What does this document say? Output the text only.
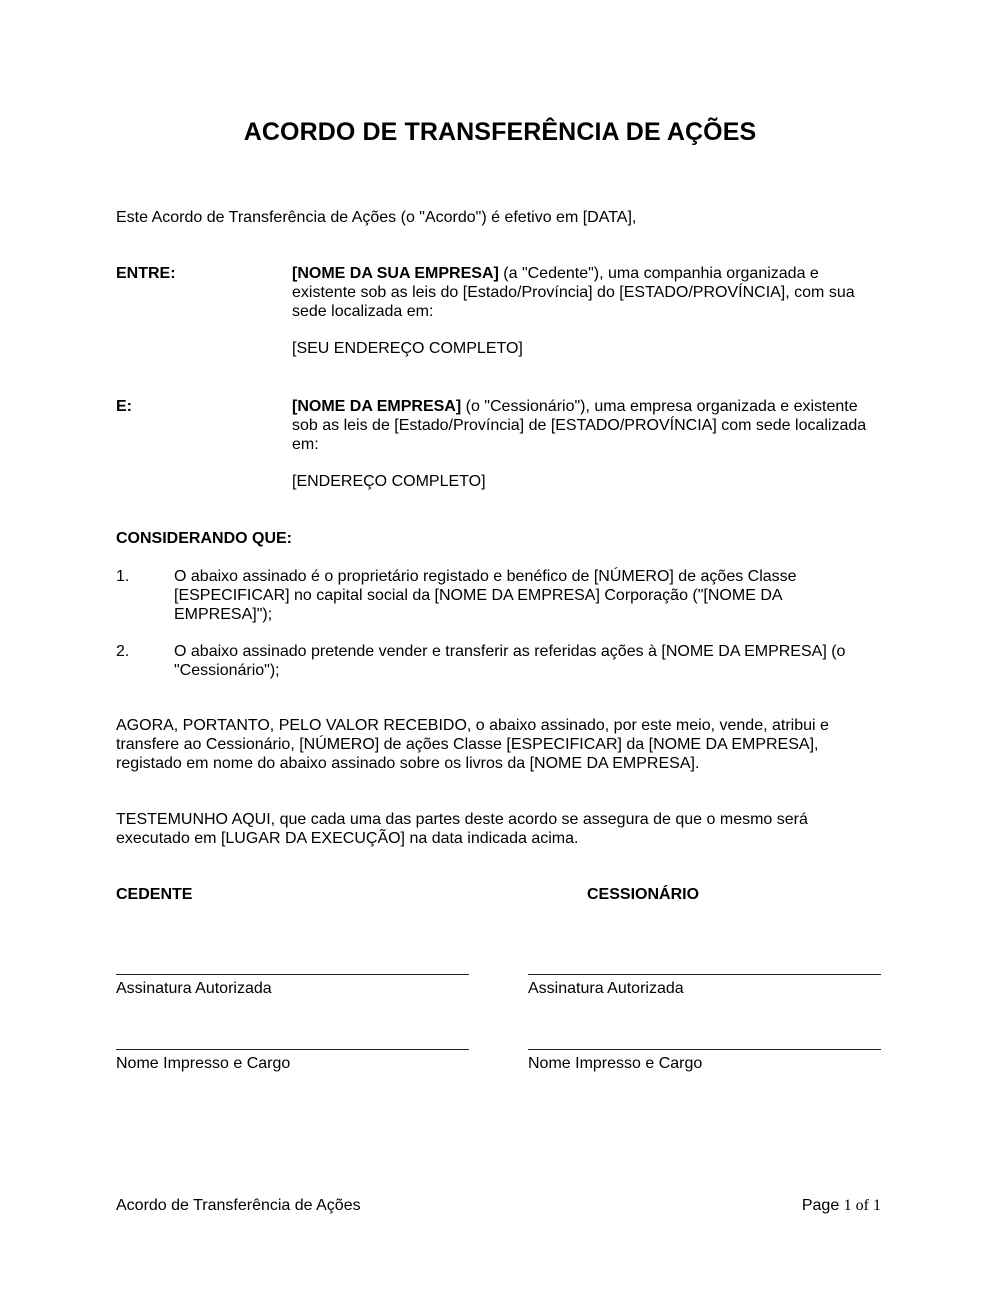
ACORDO DE TRANSFERÊNCIA DE AÇÕES
Este Acordo de Transferência de Ações (o "Acordo") é efetivo em [DATA],
ENTRE:	[NOME DA SUA EMPRESA] (a "Cedente"), uma companhia organizada e
existente sob as leis do [Estado/Província] do [ESTADO/PROVÍNCIA], com sua
sede localizada em:
[SEU ENDEREÇO COMPLETO]
E:	[NOME DA EMPRESA] (o "Cessionário"), uma empresa organizada e existente
sob as leis de [Estado/Província] de [ESTADO/PROVÍNCIA] com sede localizada
em:
[ENDEREÇO COMPLETO]
CONSIDERANDO QUE:
1.	O abaixo assinado é o proprietário registado e benéfico de [NÚMERO] de ações Classe
[ESPECIFICAR] no capital social da [NOME DA EMPRESA] Corporação ("[NOME DA
EMPRESA]");
2.	O abaixo assinado pretende vender e transferir as referidas ações à [NOME DA EMPRESA] (o
"Cessionário");
AGORA, PORTANTO, PELO VALOR RECEBIDO, o abaixo assinado, por este meio, vende, atribui e
transfere ao Cessionário, [NÚMERO] de ações Classe [ESPECIFICAR] da [NOME DA EMPRESA],
registado em nome do abaixo assinado sobre os livros da [NOME DA EMPRESA].
TESTEMUNHO AQUI, que cada uma das partes deste acordo se assegura de que o mesmo será
executado em [LUGAR DA EXECUÇÃO] na data indicada acima.
CEDENTE	CESSIONÁRIO
Assinatura Autorizada	Assinatura Autorizada
Nome Impresso e Cargo	Nome Impresso e Cargo
Acordo de Transferência de Ações	Page 1 of 1
